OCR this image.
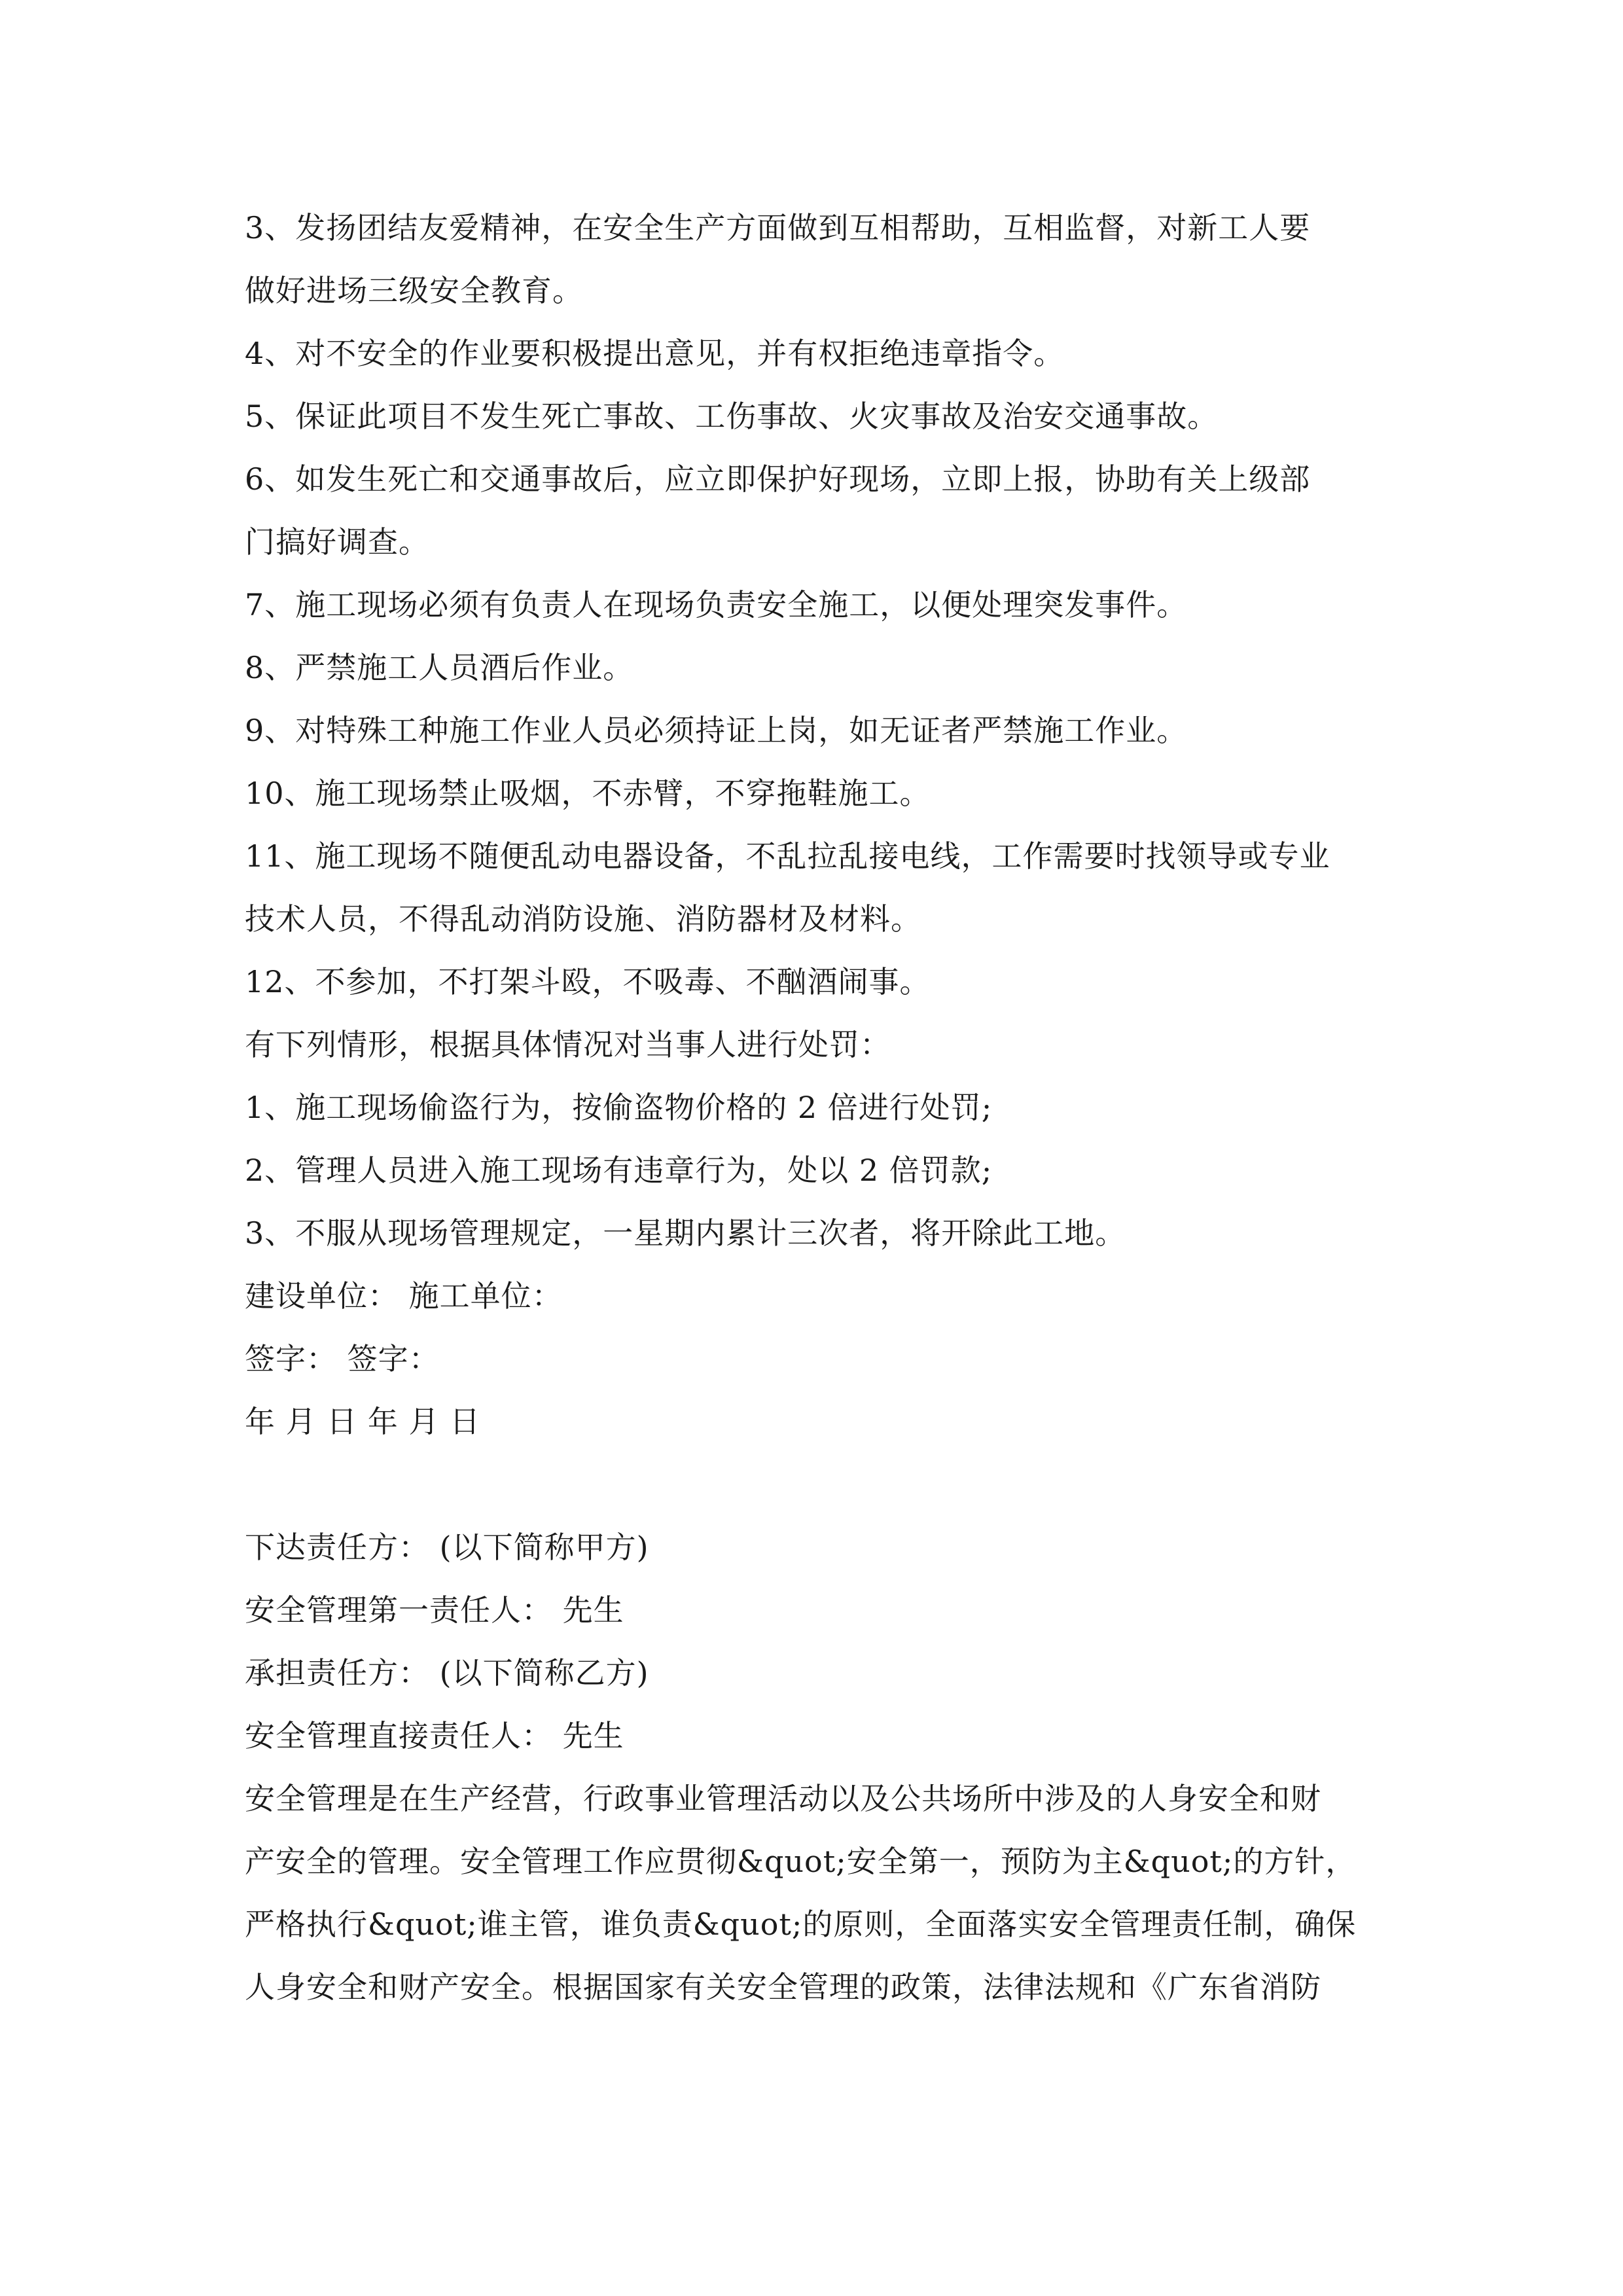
3、发扬团结友爱精神，在安全生产方面做到互相帮助，互相监督，对新工人要
做好进场三级安全教育。
4、对不安全的作业要积极提出意见，并有权拒绝违章指令。
5、保证此项目不发生死亡事故、工伤事故、火灾事故及治安交通事故。
6、如发生死亡和交通事故后，应立即保护好现场，立即上报，协助有关上级部
门搞好调查。
7、施工现场必须有负责人在现场负责安全施工，以便处理突发事件。
8、严禁施工人员酒后作业。
9、对特殊工种施工作业人员必须持证上岗，如无证者严禁施工作业。
10、施工现场禁止吸烟，不赤臂，不穿拖鞋施工。
11、施工现场不随便乱动电器设备，不乱拉乱接电线，工作需要时找领导或专业
技术人员，不得乱动消防设施、消防器材及材料。
12、不参加，不打架斗殴，不吸毒、不酗酒闹事。
有下列情形，根据具体情况对当事人进行处罚：
1、施工现场偷盗行为，按偷盗物价格的 2 倍进行处罚;
2、管理人员进入施工现场有违章行为，处以 2 倍罚款;
3、不服从现场管理规定，一星期内累计三次者，将开除此工地。
建设单位： 施工单位：
签字： 签字：
年 月 日 年 月 日
下达责任方： (以下简称甲方)
安全管理第一责任人： 先生
承担责任方： (以下简称乙方)
安全管理直接责任人： 先生
安全管理是在生产经营，行政事业管理活动以及公共场所中涉及的人身安全和财
产安全的管理。安全管理工作应贯彻&quot;安全第一，预防为主&quot;的方针，
严格执行&quot;谁主管，谁负责&quot;的原则，全面落实安全管理责任制，确保
人身安全和财产安全。根据国家有关安全管理的政策，法律法规和《广东省消防
